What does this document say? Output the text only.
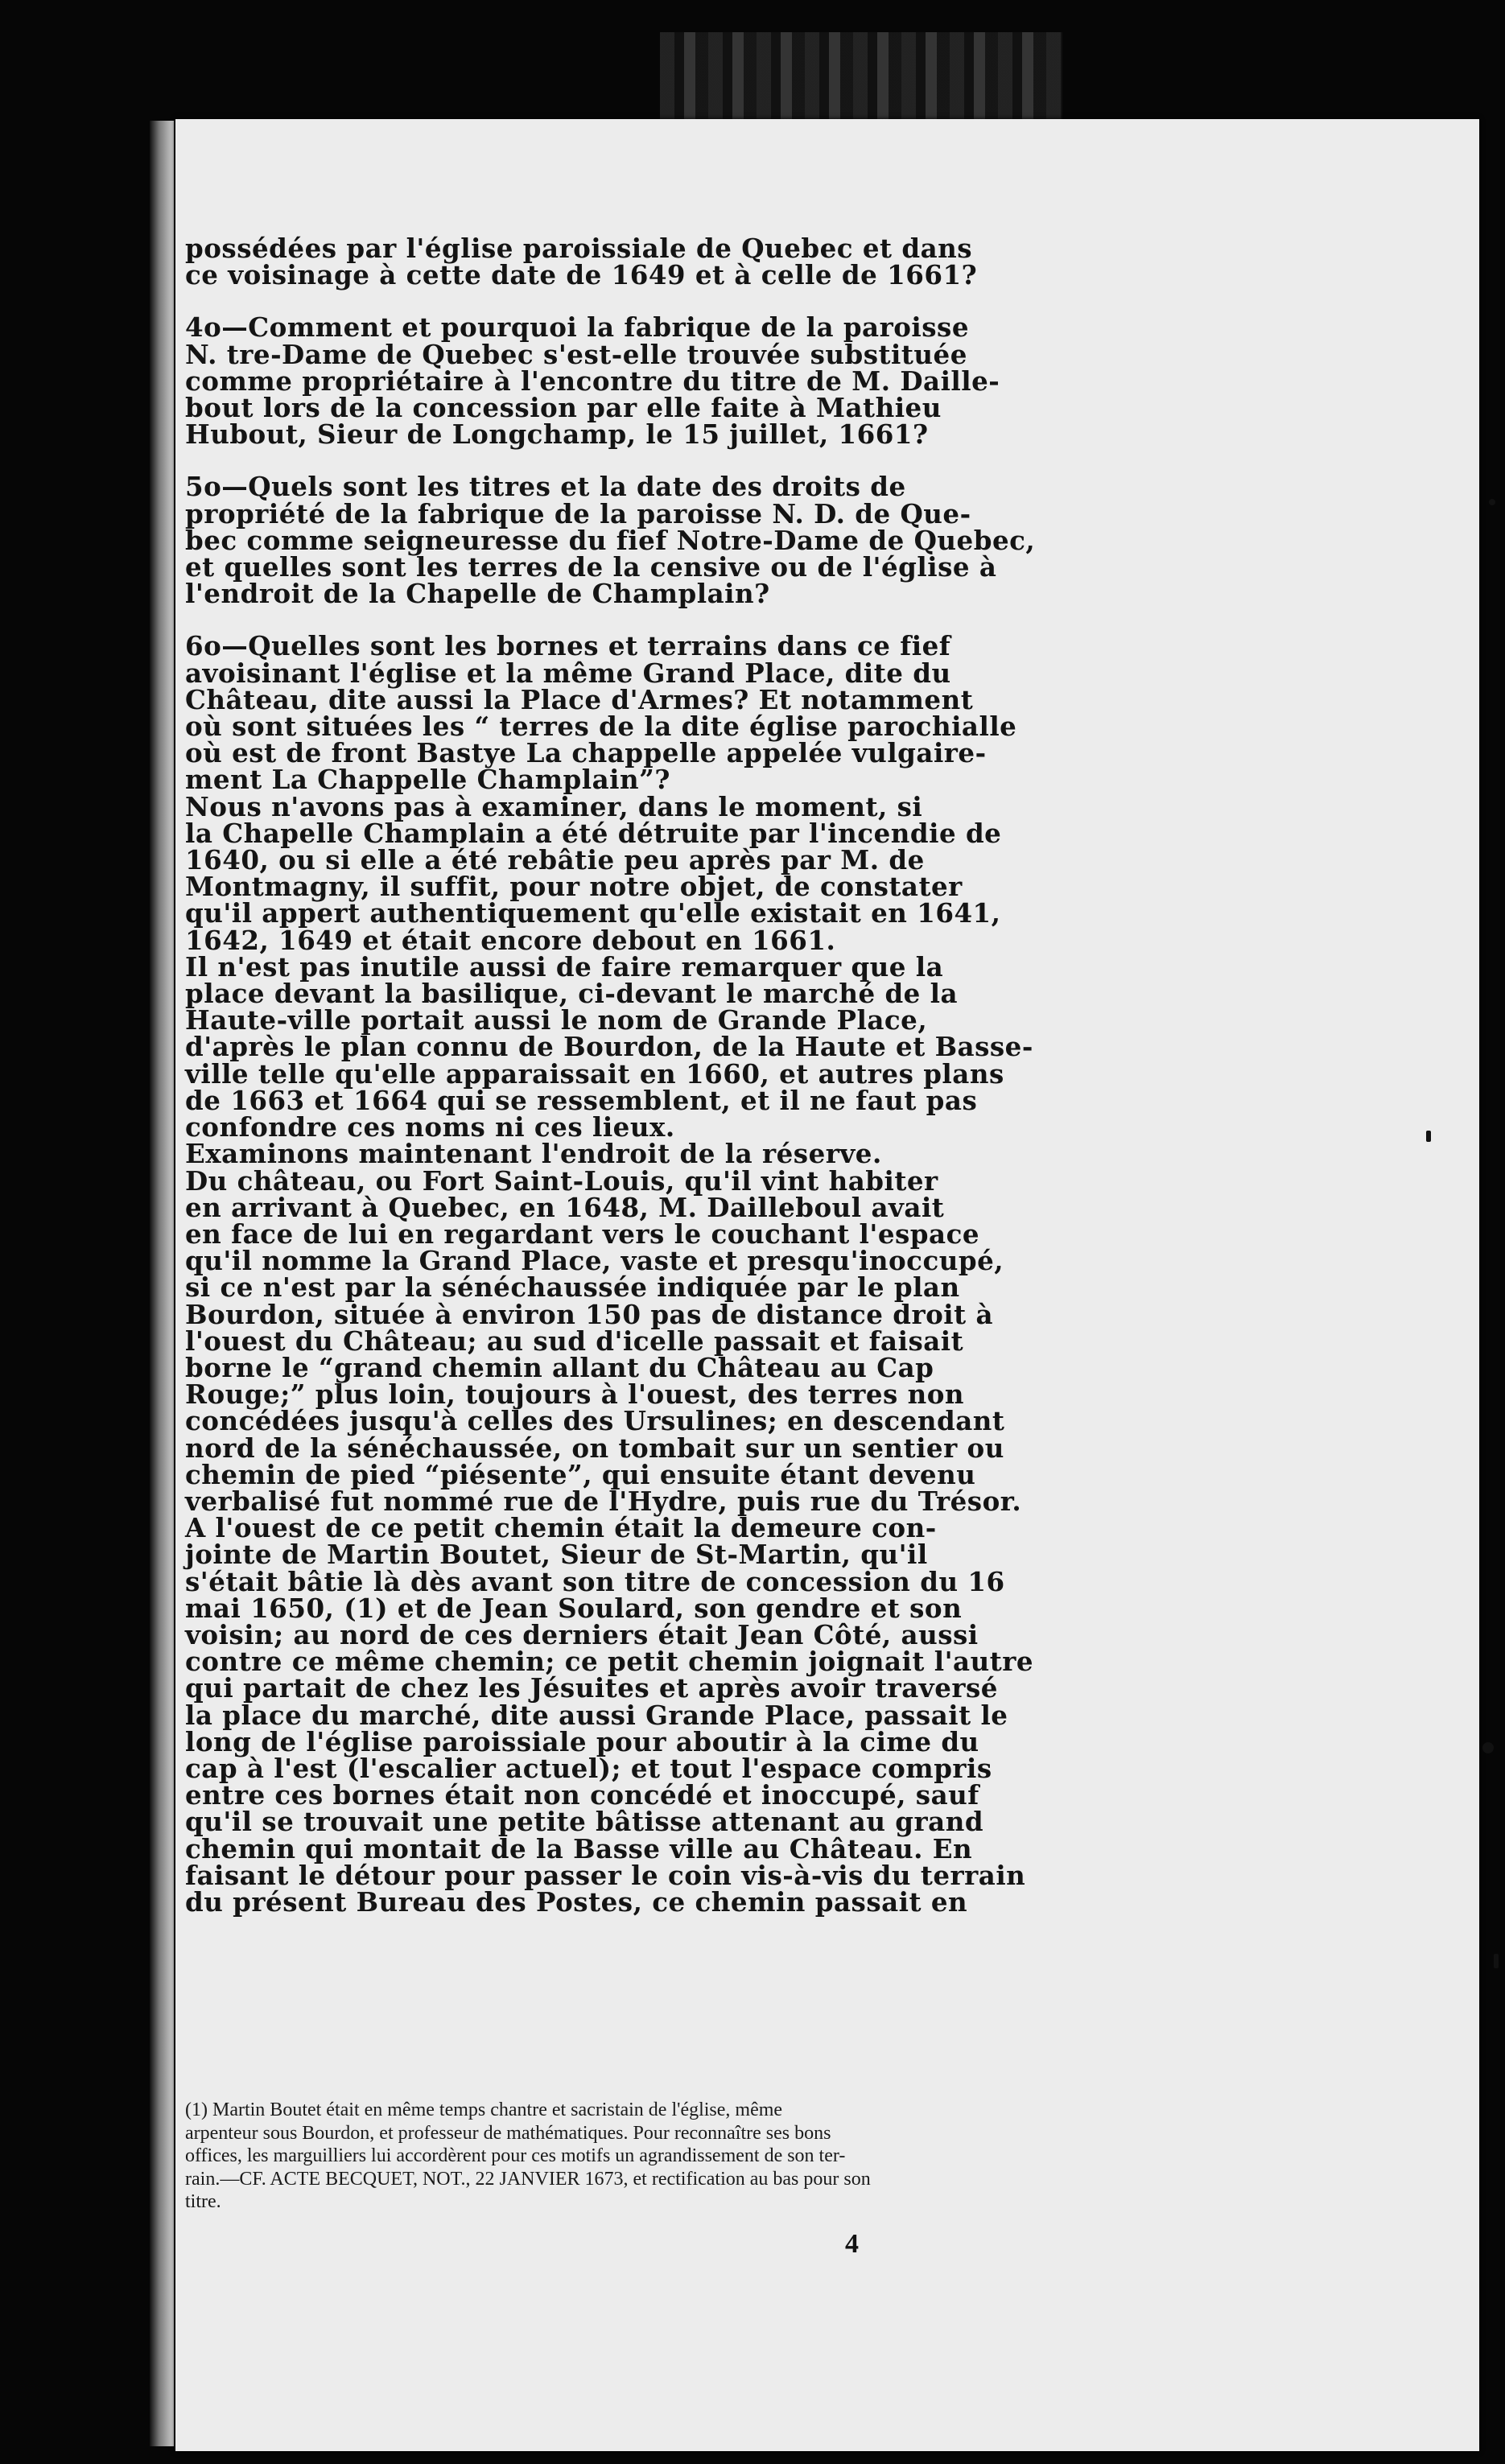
possédées par l'église paroissiale de Quebec et dans
ce voisinage à cette date de 1649 et à celle de 1661?

4o—Comment et pourquoi la fabrique de la paroisse
N. tre-Dame de Quebec s'est-elle trouvée substituée
comme propriétaire à l'encontre du titre de M. Daille-
bout lors de la concession par elle faite à Mathieu
Hubout, Sieur de Longchamp, le 15 juillet, 1661?

5o—Quels sont les titres et la date des droits de
propriété de la fabrique de la paroisse N. D. de Que-
bec comme seigneuresse du fief Notre-Dame de Quebec,
et quelles sont les terres de la censive ou de l'église à
l'endroit de la Chapelle de Champlain?

6o—Quelles sont les bornes et terrains dans ce fief
avoisinant l'église et la même Grand Place, dite du
Château, dite aussi la Place d'Armes? Et notamment
où sont situées les “ terres de la dite église parochialle
où est de front Bastye La chappelle appelée vulgaire-
ment La Chappelle Champlain”?
Nous n'avons pas à examiner, dans le moment, si
la Chapelle Champlain a été détruite par l'incendie de
1640, ou si elle a été rebâtie peu après par M. de
Montmagny, il suffit, pour notre objet, de constater
qu'il appert authentiquement qu'elle existait en 1641,
1642, 1649 et était encore debout en 1661.
Il n'est pas inutile aussi de faire remarquer que la
place devant la basilique, ci-devant le marché de la
Haute-ville portait aussi le nom de Grande Place,
d'après le plan connu de Bourdon, de la Haute et Basse-
ville telle qu'elle apparaissait en 1660, et autres plans
de 1663 et 1664 qui se ressemblent, et il ne faut pas
confondre ces noms ni ces lieux.
Examinons maintenant l'endroit de la réserve.
Du château, ou Fort Saint-Louis, qu'il vint habiter
en arrivant à Quebec, en 1648, M. Dailleboul avait
en face de lui en regardant vers le couchant l'espace
qu'il nomme la Grand Place, vaste et presqu'inoccupé,
si ce n'est par la sénéchaussée indiquée par le plan
Bourdon, située à environ 150 pas de distance droit à
l'ouest du Château; au sud d'icelle passait et faisait
borne le “grand chemin allant du Château au Cap
Rouge;” plus loin, toujours à l'ouest, des terres non
concédées jusqu'à celles des Ursulines; en descendant
nord de la sénéchaussée, on tombait sur un sentier ou
chemin de pied “piésente”, qui ensuite étant devenu
verbalisé fut nommé rue de l'Hydre, puis rue du Trésor.
A l'ouest de ce petit chemin était la demeure con-
jointe de Martin Boutet, Sieur de St-Martin, qu'il
s'était bâtie là dès avant son titre de concession du 16
mai 1650, (1) et de Jean Soulard, son gendre et son
voisin; au nord de ces derniers était Jean Côté, aussi
contre ce même chemin; ce petit chemin joignait l'autre
qui partait de chez les Jésuites et après avoir traversé
la place du marché, dite aussi Grande Place, passait le
long de l'église paroissiale pour aboutir à la cime du
cap à l'est (l'escalier actuel); et tout l'espace compris
entre ces bornes était non concédé et inoccupé, sauf
qu'il se trouvait une petite bâtisse attenant au grand
chemin qui montait de la Basse ville au Château. En
faisant le détour pour passer le coin vis-à-vis du terrain
du présent Bureau des Postes, ce chemin passait en

(1) Martin Boutet était en même temps chantre et sacristain de l'église, même
arpenteur sous Bourdon, et professeur de mathématiques. Pour reconnaître ses bons
offices, les marguilliers lui accordèrent pour ces motifs un agrandissement de son ter-
rain.—CF. ACTE BECQUET, NOT., 22 JANVIER 1673, et rectification au bas pour son
titre.
4
